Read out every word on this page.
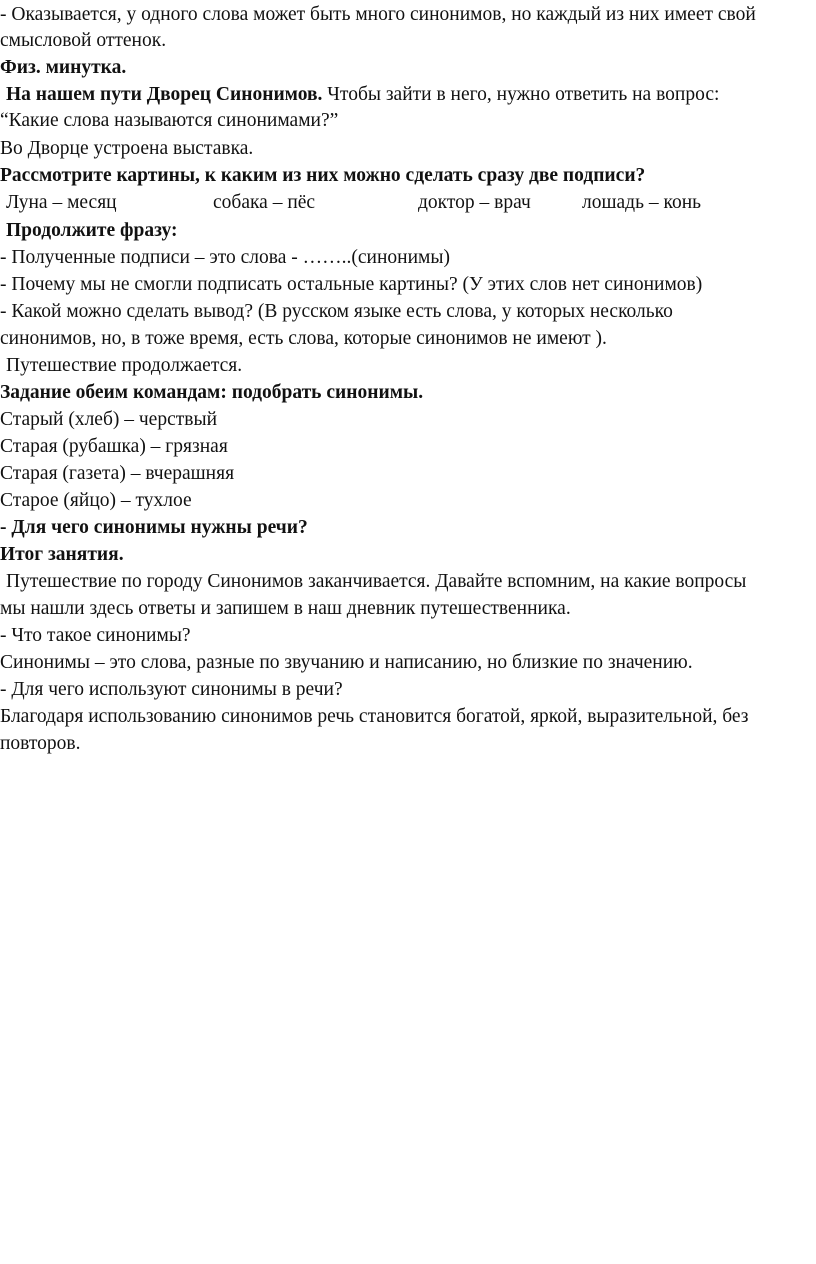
- Оказывается, у одного слова может быть много синонимов, но каждый из них имеет свой

смысловой оттенок.

Физ. минутка.

На нашем пути Дворец Синонимов. Чтобы зайти в него, нужно ответить на вопрос:

“Какие слова называются синонимами?”

Во Дворце устроена выставка.

Рассмотрите картины, к каким из них можно сделать сразу две подписи?

Луна – месяц	собака – пёс	доктор – врач	лошадь – конь

Продолжите фразу:

- Полученные подписи – это слова - ……..(синонимы)

- Почему мы не смогли подписать остальные картины? (У этих слов нет синонимов)

- Какой можно сделать вывод? (В русском языке есть слова, у которых несколько

синонимов, но, в тоже время, есть слова, которые синонимов не имеют ).

Путешествие продолжается.

Задание обеим командам: подобрать синонимы.

Старый (хлеб) – черствый

Старая (рубашка) – грязная

Старая (газета) – вчерашняя

Старое (яйцо) – тухлое

- Для чего синонимы нужны речи?

Итог занятия.

Путешествие по городу Синонимов заканчивается. Давайте вспомним, на какие вопросы

мы нашли здесь ответы и запишем в наш дневник путешественника.

- Что такое синонимы?

Синонимы – это слова, разные по звучанию и написанию, но близкие по значению.

- Для чего используют синонимы в речи?

Благодаря использованию синонимов речь становится богатой, яркой, выразительной, без

повторов.
